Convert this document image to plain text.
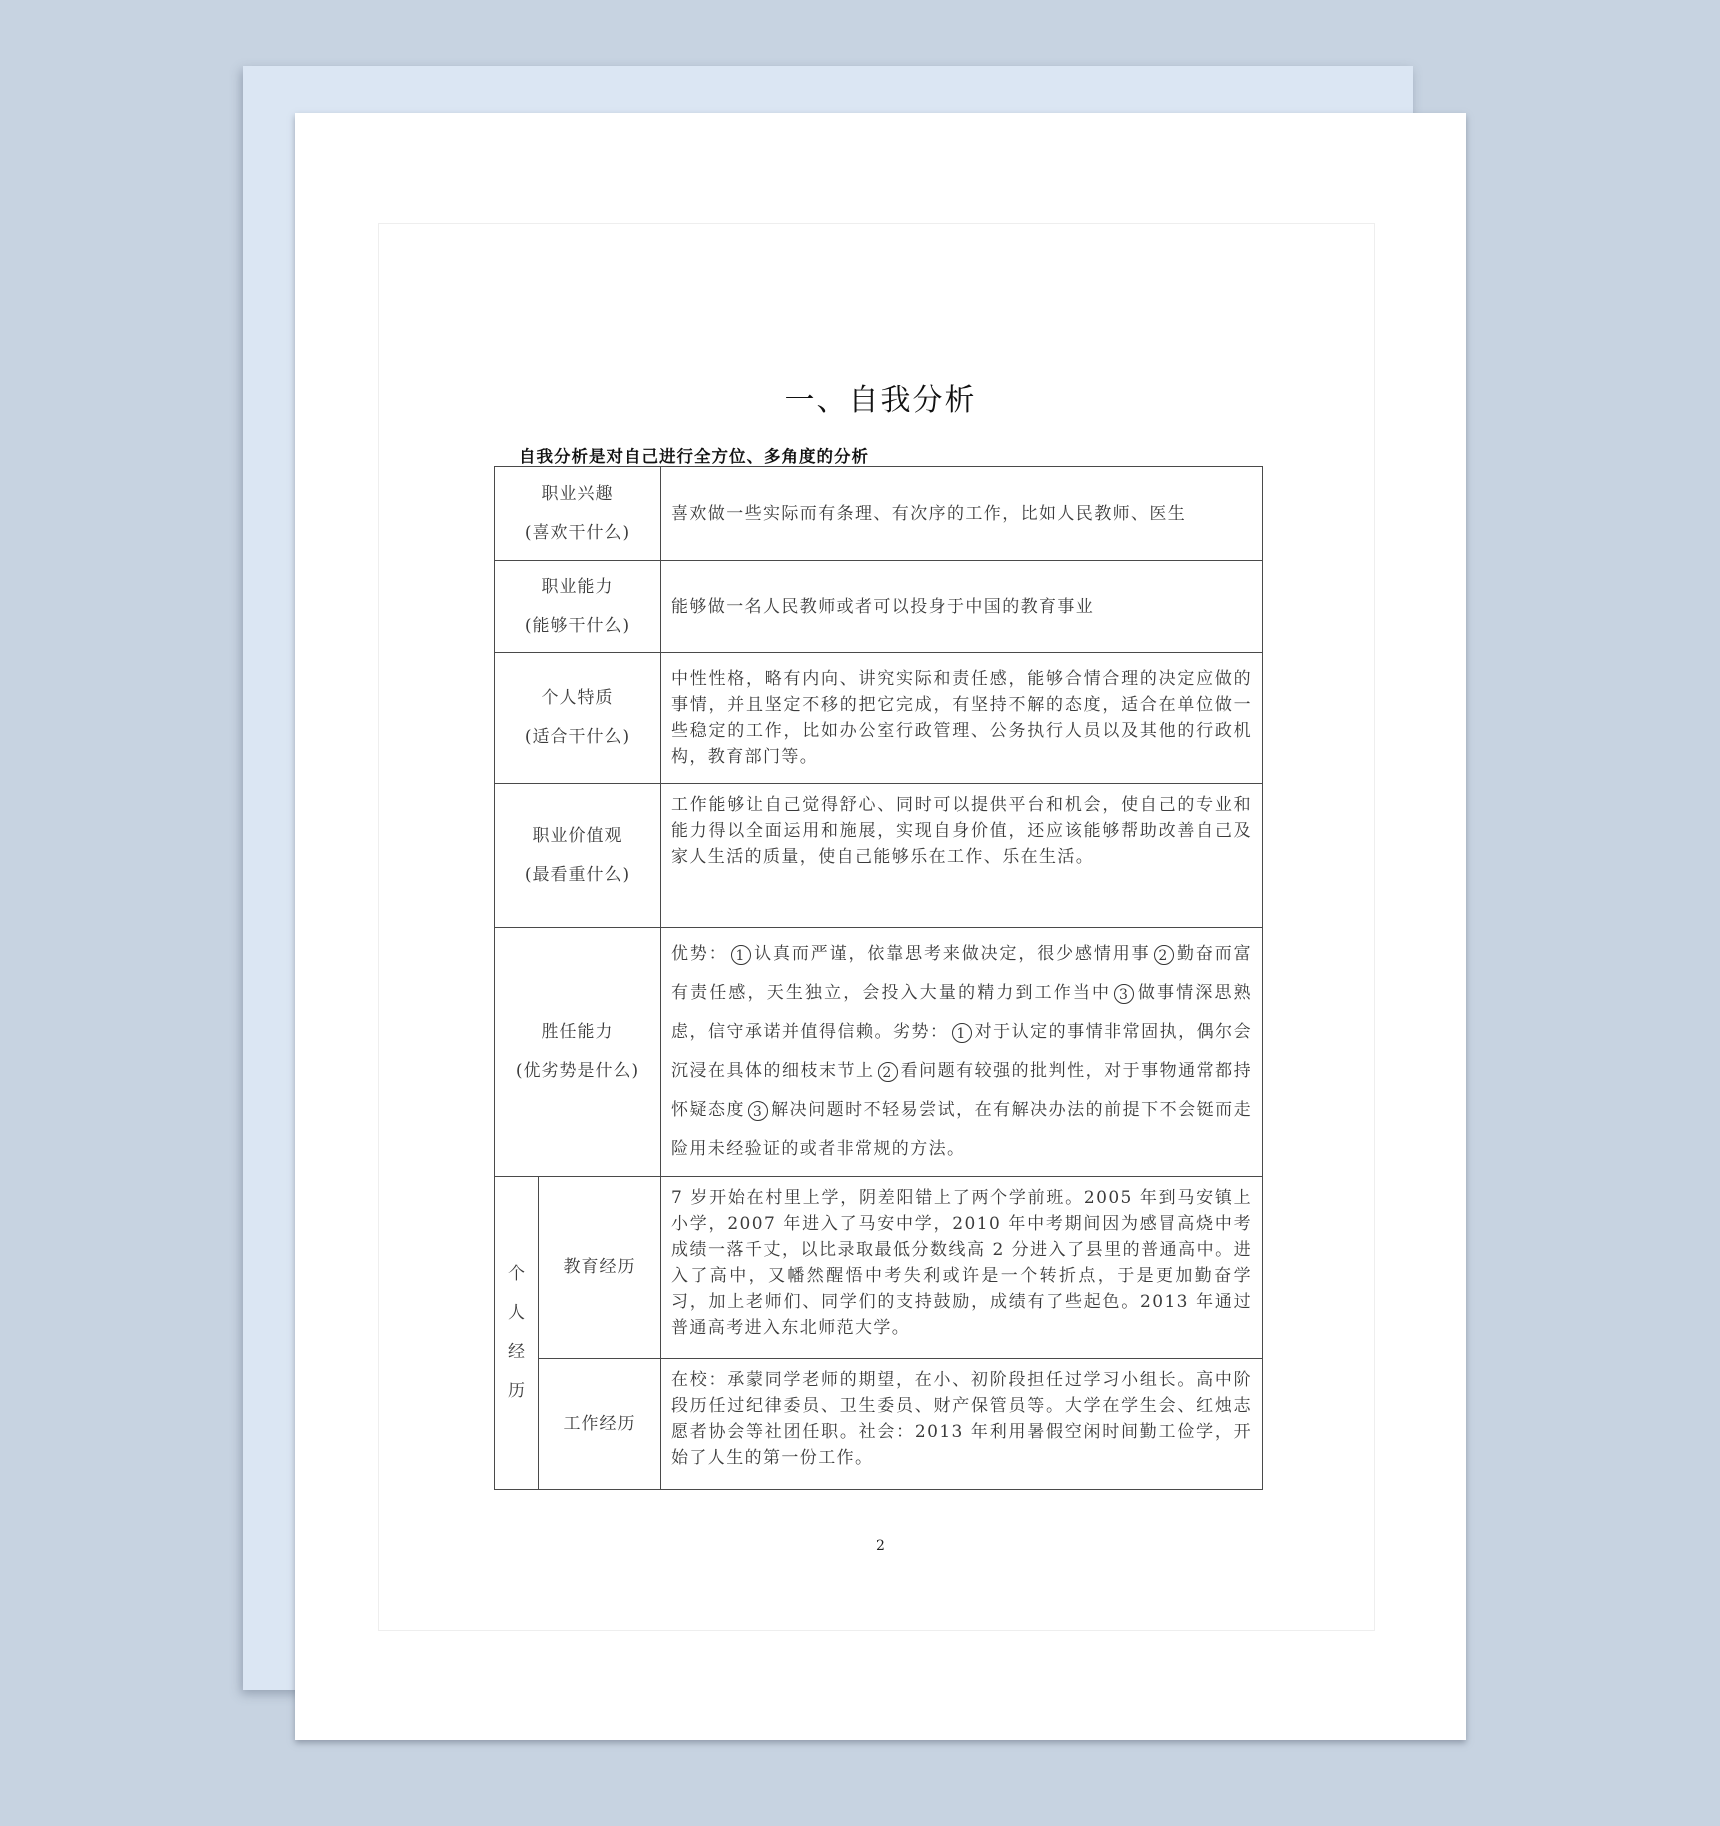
一、自我分析
自我分析是对自己进行全方位、多角度的分析
职业兴趣
(喜欢干什么)		喜欢做一些实际而有条理、有次序的工作，比如人民教师、医生

职业能力
(能够干什么)		能够做一名人民教师或者可以投身于中国的教育事业

个人特质
(适合干什么)		中性性格，略有内向、讲究实际和责任感，能够合情合理的决定应做的事情，并且坚定不移的把它完成，有坚持不解的态度，适合在单位做一些稳定的工作，比如办公室行政管理、公务执行人员以及其他的行政机构，教育部门等。

职业价值观
(最看重什么)		工作能够让自己觉得舒心、同时可以提供平台和机会，使自己的专业和能力得以全面运用和施展，实现自身价值，还应该能够帮助改善自己及家人生活的质量，使自己能够乐在工作、乐在生活。

胜任能力
(优劣势是什么)		优势： 1 认真而严谨，依靠思考来做决定，很少感情用事 2 勤奋而富有责任感，天生独立，会投入大量的精力到工作当中 3 做事情深思熟虑，信守承诺并值得信赖。劣势： 1 对于认定的事情非常固执，偶尔会沉浸在具体的细枝末节上 2 看问题有较强的批判性，对于事物通常都持怀疑态度 3 解决问题时不轻易尝试，在有解决办法的前提下不会铤而走险用未经验证的或者非常规的方法。

个
人
经
历	教育经历	7 岁开始在村里上学，阴差阳错上了两个学前班。2005 年到马安镇上小学，2007 年进入了马安中学，2010 年中考期间因为感冒高烧中考成绩一落千丈，以比录取最低分数线高 2 分进入了县里的普通高中。进入了高中，又幡然醒悟中考失利或许是一个转折点，于是更加勤奋学习，加上老师们、同学们的支持鼓励，成绩有了些起色。2013 年通过普通高考进入东北师范大学。
	工作经历	在校：承蒙同学老师的期望，在小、初阶段担任过学习小组长。高中阶段历任过纪律委员、卫生委员、财产保管员等。大学在学生会、红烛志愿者协会等社团任职。社会：2013 年利用暑假空闲时间勤工俭学，开始了人生的第一份工作。
2
